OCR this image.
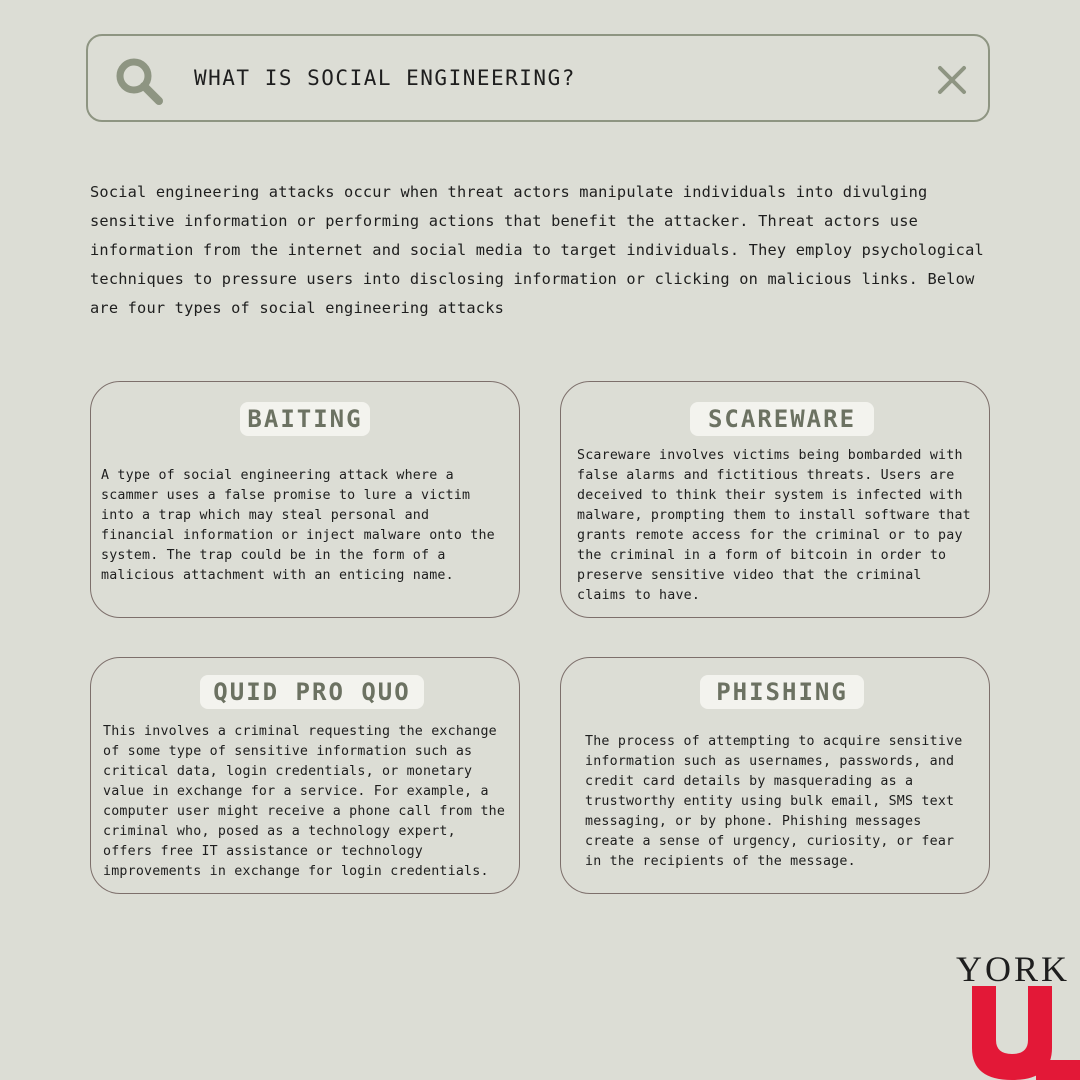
WHAT IS SOCIAL ENGINEERING?

Social engineering attacks occur when threat actors manipulate individuals into divulging sensitive information or performing actions that benefit the attacker. Threat actors use information from the internet and social media to target individuals. They employ psychological techniques to pressure users into disclosing information or clicking on malicious links. Below are four types of social engineering attacks

BAITING

A type of social engineering attack where a scammer uses a false promise to lure a victim into a trap which may steal personal and financial information or inject malware onto the system. The trap could be in the form of a malicious attachment with an enticing name.

SCAREWARE

Scareware involves victims being bombarded with false alarms and fictitious threats. Users are deceived to think their system is infected with malware, prompting them to install software that grants remote access for the criminal or to pay the criminal in a form of bitcoin in order to preserve sensitive video that the criminal claims to have.

QUID PRO QUO

This involves a criminal requesting the exchange of some type of sensitive information such as critical data, login credentials, or monetary value in exchange for a service. For example, a computer user might receive a phone call from the criminal who, posed as a technology expert, offers free IT assistance or technology improvements in exchange for login credentials.

PHISHING

The process of attempting to acquire sensitive information such as usernames, passwords, and credit card details by masquerading as a trustworthy entity using bulk email, SMS text messaging, or by phone. Phishing messages create a sense of urgency, curiosity, or fear in the recipients of the message.

YORK
